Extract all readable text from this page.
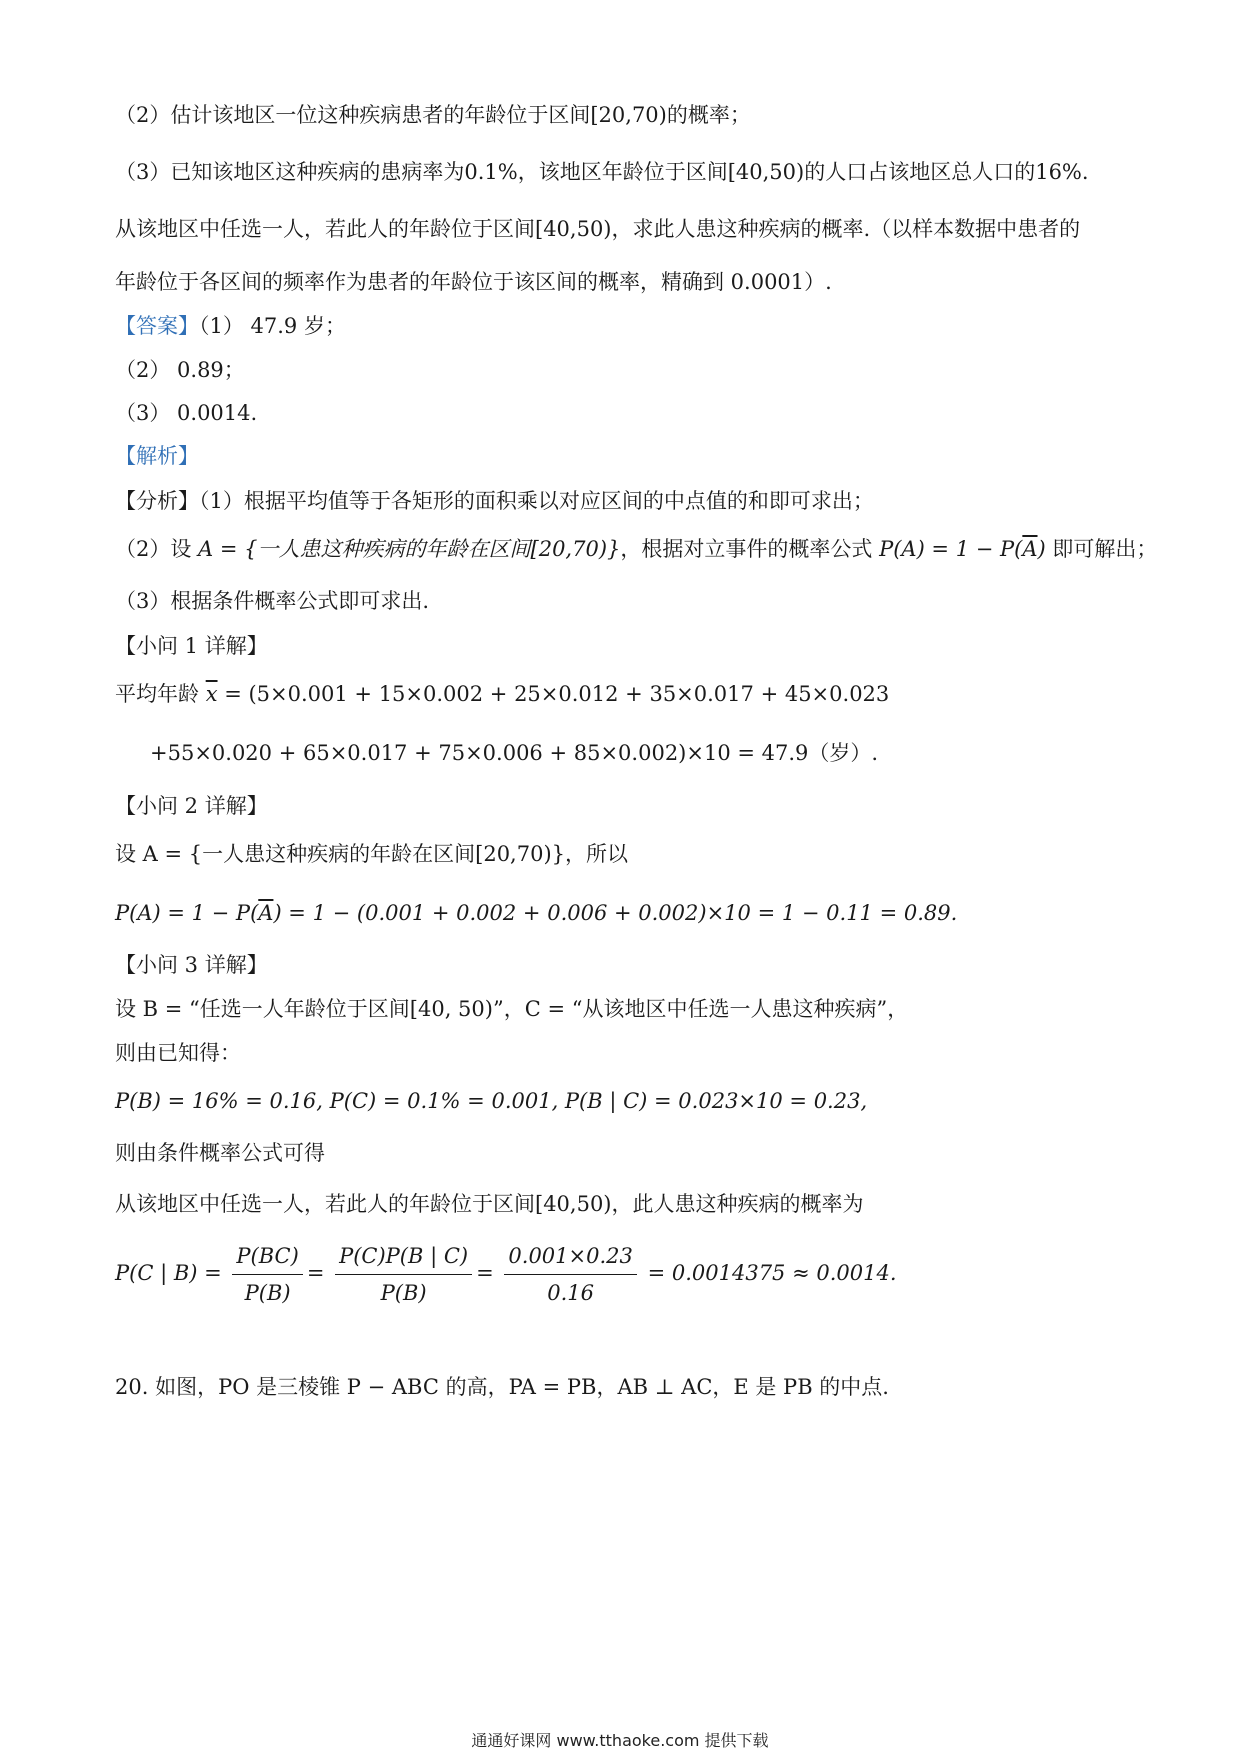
（2）估计该地区一位这种疾病患者的年龄位于区间[20,70)的概率；
（3）已知该地区这种疾病的患病率为0.1%，该地区年龄位于区间[40,50)的人口占该地区总人口的16%.
从该地区中任选一人，若此人的年龄位于区间[40,50)，求此人患这种疾病的概率.（以样本数据中患者的
年龄位于各区间的频率作为患者的年龄位于该区间的概率，精确到 0.0001）.
【答案】（1） 47.9 岁；
（2） 0.89；
（3） 0.0014.
【解析】
【分析】（1）根据平均值等于各矩形的面积乘以对应区间的中点值的和即可求出；
（2）设 A = {一人患这种疾病的年龄在区间[20,70)}，根据对立事件的概率公式 $P(A) = 1 - P(\overline{A})$ 即可解出；
（3）根据条件概率公式即可求出.
【小问 1 详解】
平均年龄 $\overline{x} = (5\times 0.001 + 15\times 0.002 + 25\times 0.012 + 35\times 0.017 + 45\times 0.023$
+55×0.020 + 65×0.017 + 75×0.006 + 85×0.002)×10 = 47.9（岁）.
【小问 2 详解】
设 A = {一人患这种疾病的年龄在区间[20,70)}，所以
$P(A) = 1 - P(\overline{A}) = 1 - (0.001 + 0.002 + 0.006 + 0.002)\times 10 = 1 - 0.11 = 0.89$.
【小问 3 详解】
设 B = “任选一人年龄位于区间[40, 50)”，C = “从该地区中任选一人患这种疾病”，
则由已知得：
P(B) = 16% = 0.16, P(C) = 0.1% = 0.001, P(B | C) = 0.023×10 = 0.23,
则由条件概率公式可得
从该地区中任选一人，若此人的年龄位于区间[40,50)，此人患这种疾病的概率为
P(C | $B) = \frac{P(BC)}{P(B)} = \frac{P(C)P(B | C)}{P(B)} = \frac{0.001\times 0.23}{0.16} = 0.0014375 \approx 0.0014$.
20. 如图，PO 是三棱锥 P − ABC 的高，PA = PB，AB ⊥ AC，E 是 PB 的中点.
通通好课网 www.tthaoke.com 提供下载
